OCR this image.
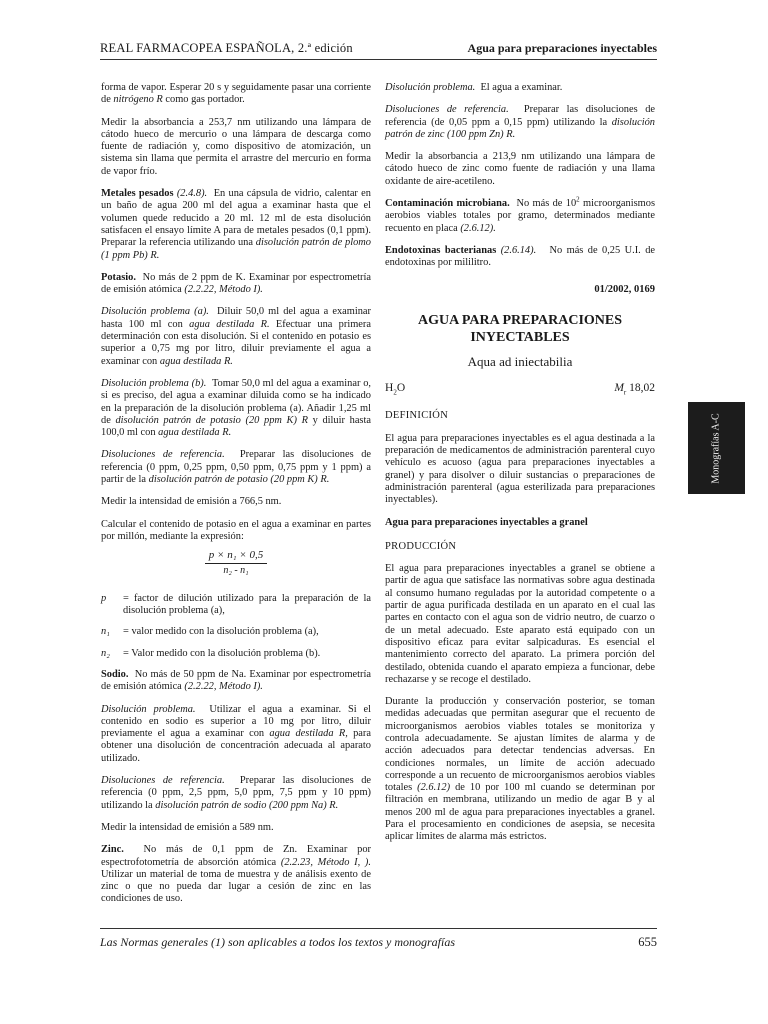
REAL FARMACOPEA ESPAÑOLA, 2.ª edición	Agua para preparaciones inyectables

forma de vapor. Esperar 20 s y seguidamente pasar una corriente de nitrógeno R como gas portador.

Medir la absorbancia a 253,7 nm utilizando una lámpara de cátodo hueco de mercurio o una lámpara de descarga como fuente de radiación y, como dispositivo de atomización, un sistema sin llama que permita el arrastre del mercurio en forma de vapor frío.

Metales pesados (2.4.8). En una cápsula de vidrio, calentar en un baño de agua 200 ml del agua a examinar hasta que el volumen quede reducido a 20 ml. 12 ml de esta disolución satisfacen el ensayo límite A para de metales pesados (0,1 ppm). Preparar la referencia utilizando una disolución patrón de plomo (1 ppm Pb) R.

Potasio. No más de 2 ppm de K. Examinar por espectrometría de emisión atómica (2.2.22, Método I).

Disolución problema (a). Diluir 50,0 ml del agua a examinar hasta 100 ml con agua destilada R. Efectuar una primera determinación con esta disolución. Si el contenido en potasio es superior a 0,75 mg por litro, diluir previamente el agua a examinar con agua destilada R.

Disolución problema (b). Tomar 50,0 ml del agua a examinar o, si es preciso, del agua a examinar diluida como se ha indicado en la preparación de la disolución problema (a). Añadir 1,25 ml de disolución patrón de potasio (20 ppm K) R y diluir hasta 100,0 ml con agua destilada R.

Disoluciones de referencia. Preparar las disoluciones de referencia (0 ppm, 0,25 ppm, 0,50 ppm, 0,75 ppm y 1 ppm) a partir de la disolución patrón de potasio (20 ppm K) R.

Medir la intensidad de emisión a 766,5 nm.

Calcular el contenido de potasio en el agua a examinar en partes por millón, mediante la expresión:

p × n₁ × 0,5
n₂ - n₁
p	= factor de dilución utilizado para la preparación de la disolución problema (a),
n₁	= valor medido con la disolución problema (a),
n₂	= Valor medido con la disolución problema (b).

Sodio. No más de 50 ppm de Na. Examinar por espectrometría de emisión atómica (2.2.22, Método I).

Disolución problema. Utilizar el agua a examinar. Si el contenido en sodio es superior a 10 mg por litro, diluir previamente el agua a examinar con agua destilada R, para obtener una disolución de concentración adecuada al aparato utilizado.

Disoluciones de referencia. Preparar las disoluciones de referencia (0 ppm, 2,5 ppm, 5,0 ppm, 7,5 ppm y 10 ppm) utilizando la disolución patrón de sodio (200 ppm Na) R.

Medir la intensidad de emisión a 589 nm.

Zinc. No más de 0,1 ppm de Zn. Examinar por espectrofotometría de absorción atómica (2.2.23, Método I, ). Utilizar un material de toma de muestra y de análisis exento de zinc o que no pueda dar lugar a cesión de zinc en las condiciones de uso.

Disolución problema. El agua a examinar.

Disoluciones de referencia. Preparar las disoluciones de referencia (de 0,05 ppm a 0,15 ppm) utilizando la disolución patrón de zinc (100 ppm Zn) R.

Medir la absorbancia a 213,9 nm utilizando una lámpara de cátodo hueco de zinc como fuente de radiación y una llama oxidante de aire-acetileno.

Contaminación microbiana. No más de $10^2$ microorganismos aerobios viables totales por gramo, determinados mediante recuento en placa (2.6.12).

Endotoxinas bacterianas (2.6.14). No más de 0,25 U.I. de endotoxinas por mililitro.

01/2002, 0169
AGUA PARA PREPARACIONES
INYECTABLES
Aqua ad iniectabilia
$H_2O$	$M_r$ 18,02
DEFINICIÓN

El agua para preparaciones inyectables es el agua destinada a la preparación de medicamentos de administración parenteral cuyo vehículo es acuoso (agua para preparaciones inyectables a granel) y para disolver o diluir sustancias o preparaciones de administración parenteral (agua esterilizada para preparaciones inyectables).

Agua para preparaciones inyectables a granel
PRODUCCIÓN

El agua para preparaciones inyectables a granel se obtiene a partir de agua que satisface las normativas sobre agua destinada al consumo humano reguladas por la autoridad competente o a partir de agua purificada destilada en un aparato en el cual las partes en contacto con el agua son de vidrio neutro, de cuarzo o de un metal adecuado. Este aparato está equipado con un dispositivo eficaz para evitar salpicaduras. Es esencial el mantenimiento correcto del aparato. La primera porción del destilado, obtenida cuando el aparato empieza a funcionar, debe rechazarse y se recoge el destilado.

Durante la producción y conservación posterior, se toman medidas adecuadas que permitan asegurar que el recuento de microorganismos aerobios viables totales se monitoriza y controla adecuadamente. Se ajustan límites de alarma y de acción adecuados para detectar tendencias adversas. En condiciones normales, un límite de acción adecuado corresponde a un recuento de microorganismos aerobios viables totales (2.6.12) de 10 por 100 ml cuando se determinan por filtración en membrana, utilizando un medio de agar B y al menos 200 ml de agua para preparaciones inyectables a granel. Para el procesamiento en condiciones de asepsia, se necesita aplicar límites de alarma más estrictos.

Monografías A-C
Las Normas generales (1) son aplicables a todos los textos y monografías	655
